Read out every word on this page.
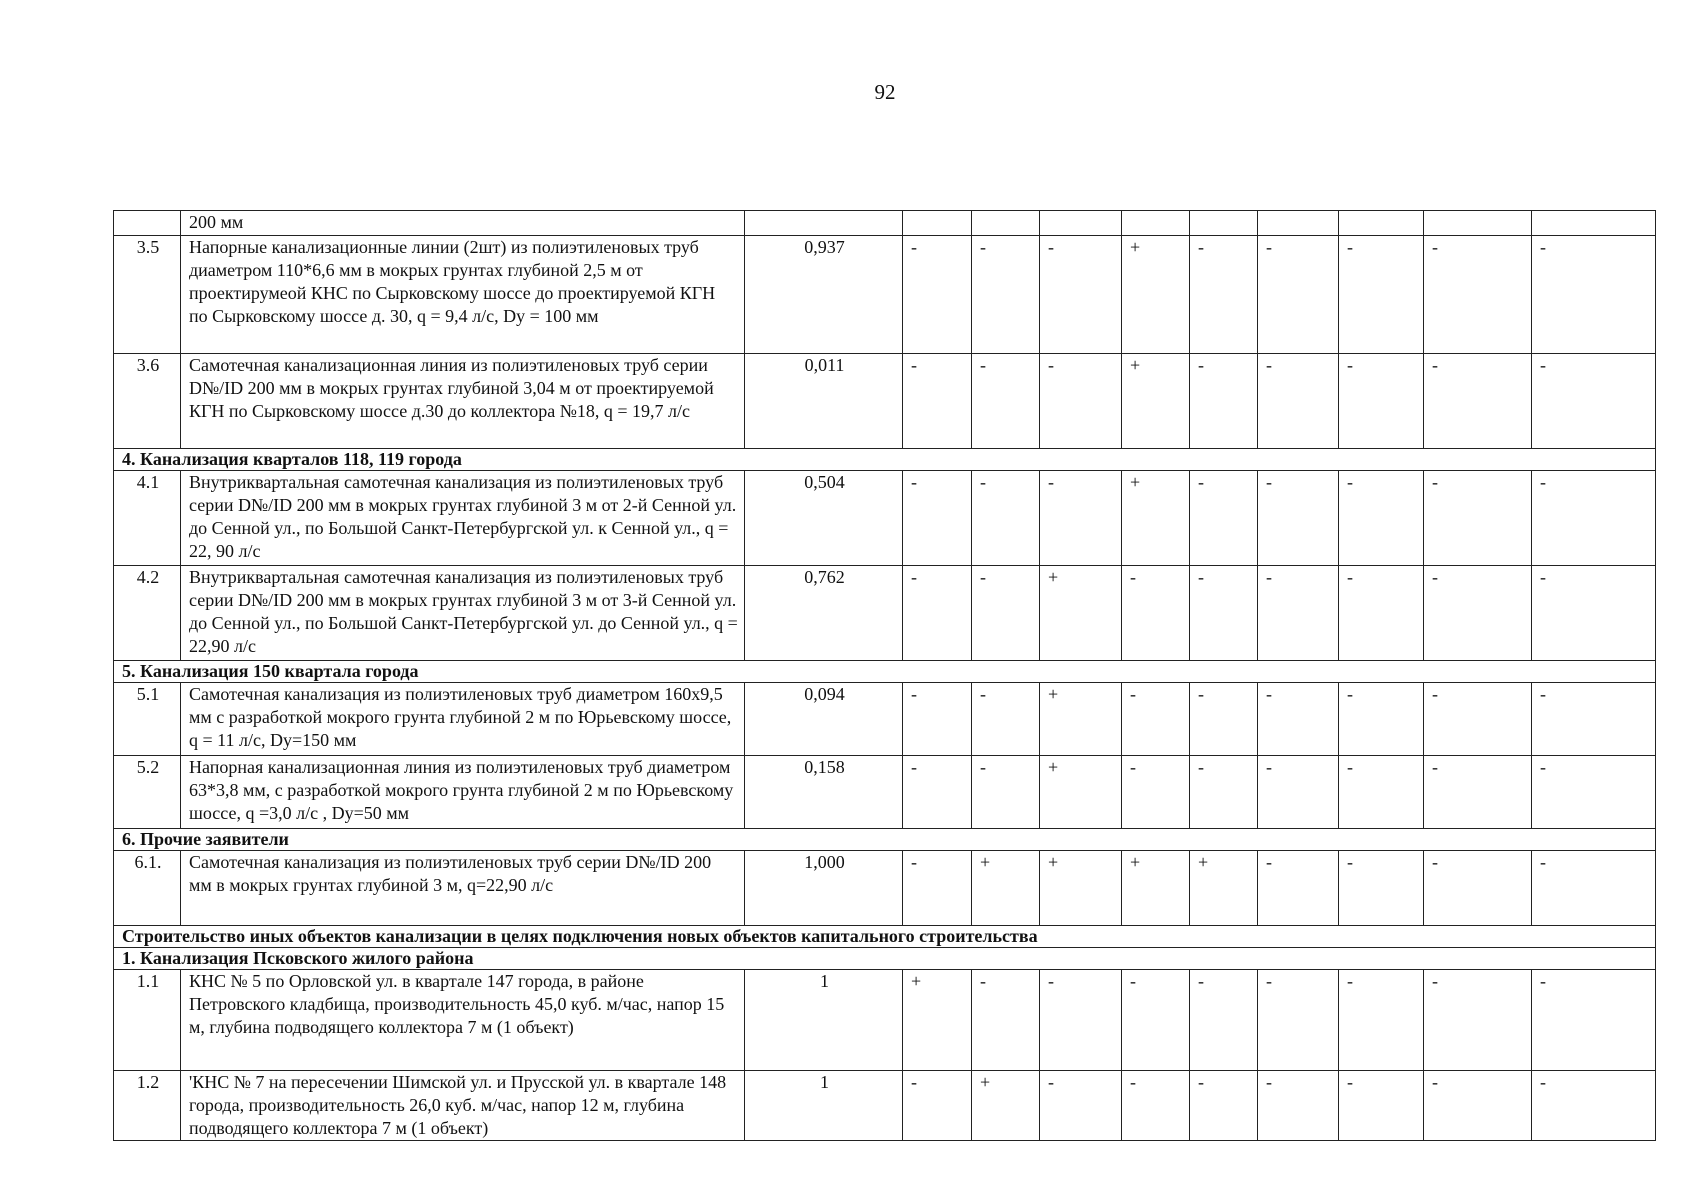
92
	200 мм											
3.5	Напорные канализационные линии (2шт) из полиэтиленовых труб диаметром 110*6,6 мм в мокрых грунтах глубиной 2,5 м от проектирумеой КНС по Сырковскому шоссе до проектируемой КГН по Сырковскому шоссе д. 30, q = 9,4 л/с, Dy = 100 мм	0,937	-	-	-	+	-	-	-	-	-	
3.6	Самотечная канализационная линия из полиэтиленовых труб серии D№/ID 200 мм в мокрых грунтах глубиной 3,04 м от проектируемой КГН по Сырковскому шоссе д.30 до коллектора №18, q = 19,7 л/с	0,011	-	-	-	+	-	-	-	-	-	
4. Канализация кварталов 118, 119 города												
4.1	Внутриквартальная самотечная канализация из полиэтиленовых труб серии D№/ID 200 мм в мокрых грунтах глубиной 3 м от 2-й Сенной ул. до Сенной ул., по Большой Санкт-Петербургской ул. к Сенной ул., q = 22, 90 л/с	0,504	-	-	-	+	-	-	-	-	-	
4.2	Внутриквартальная самотечная канализация из полиэтиленовых труб серии D№/ID 200 мм в мокрых грунтах глубиной 3 м от 3-й Сенной ул. до Сенной ул., по Большой Санкт-Петербургской ул. до Сенной ул., q = 22,90 л/с	0,762	-	-	+	-	-	-	-	-	-	
5. Канализация 150 квартала города												
5.1	Самотечная канализация из полиэтиленовых труб диаметром 160х9,5 мм с разработкой мокрого грунта глубиной 2 м по Юрьевскому шоссе, q = 11 л/с, Dy=150 мм	0,094	-	-	+	-	-	-	-	-	-	
5.2	Напорная канализационная линия из полиэтиленовых труб диаметром 63*3,8 мм, с разработкой мокрого грунта глубиной 2 м по Юрьевскому шоссе, q =3,0 л/с , Dy=50 мм	0,158	-	-	+	-	-	-	-	-	-	
6. Прочие заявители												
6.1.	Самотечная канализация из полиэтиленовых труб серии D№/ID 200 мм в мокрых грунтах глубиной 3 м, q=22,90 л/с	1,000	-	+	+	+	+	-	-	-	-	
Строительство иных объектов канализации в целях подключения новых объектов капитального строительства												
1. Канализация Псковского жилого района												
1.1	КНС № 5 по Орловской ул. в квартале 147 города, в районе Петровского кладбища, производительность 45,0 куб. м/час, напор 15 м, глубина подводящего коллектора 7 м (1 объект)	1	+	-	-	-	-	-	-	-	-	
1.2	'КНС № 7 на пересечении Шимской ул. и Прусской ул. в квартале 148 города, производительность 26,0 куб. м/час, напор 12 м, глубина подводящего коллектора 7 м (1 объект)	1	-	+	-	-	-	-	-	-	-	
